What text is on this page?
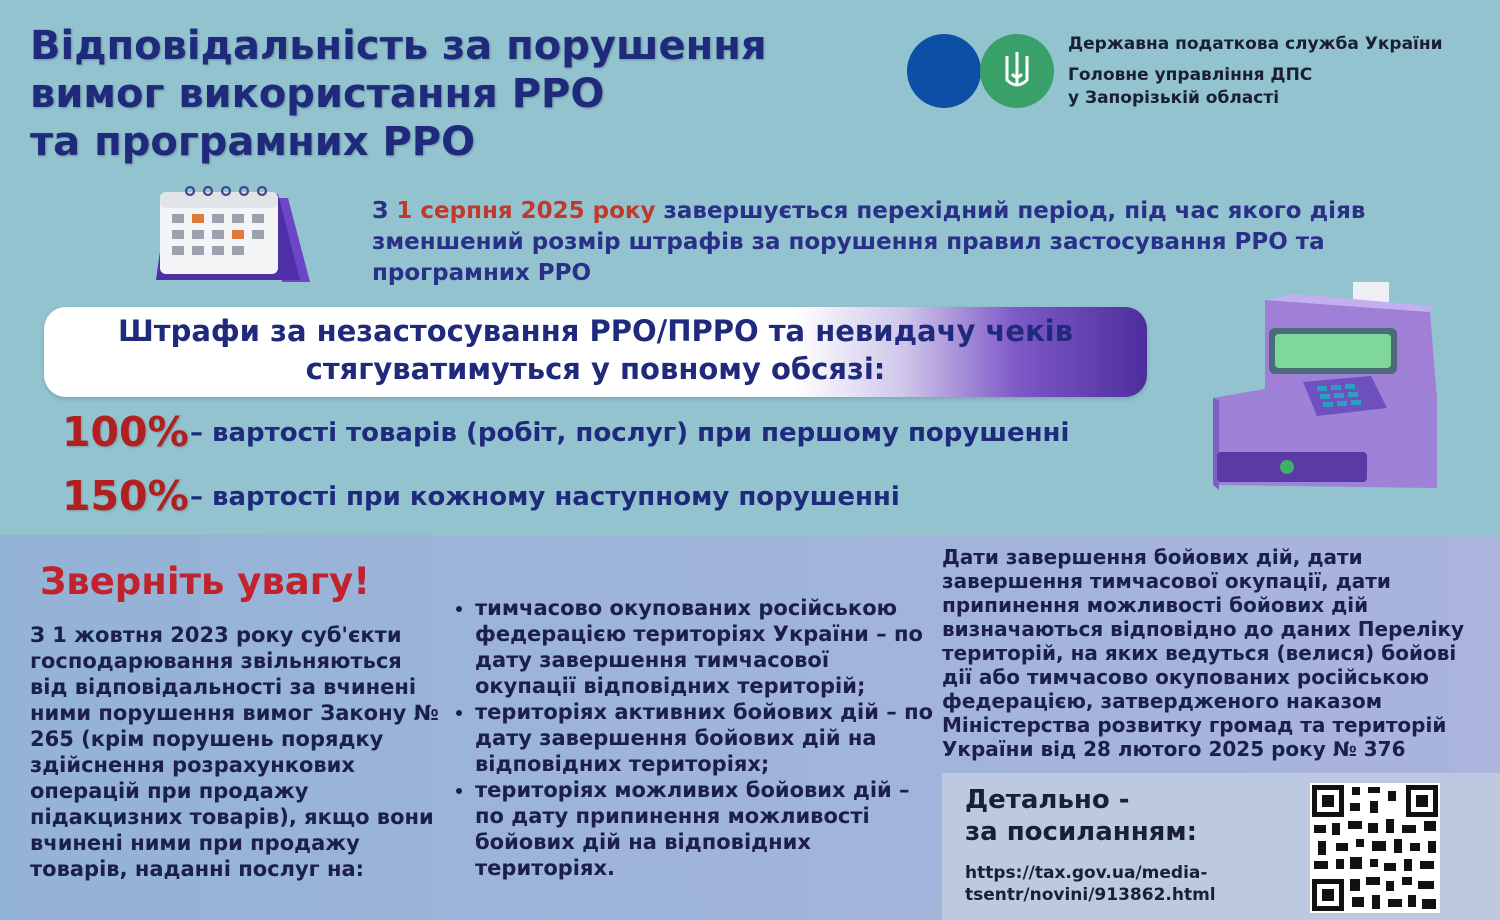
Відповідальність за порушення
вимог використання РРО
та програмних РРО
Державна податкова служба України
Головне управління ДПС
у Запорізькій області
З 1 серпня 2025 року завершується перехідний період, під час якого діяв зменшений розмір штрафів за порушення правил застосування РРО та програмних РРО
Штрафи за незастосування РРО/ПРРО та невидачу чеків
стягуватимуться у повному обсязі:
100% – вартості товарів (робіт, послуг) при першому порушенні
150% – вартості при кожному наступному порушенні
Зверніть увагу!
З 1 жовтня 2023 року суб'єкти господарювання звільняються від відповідальності за вчинені ними порушення вимог Закону № 265 (крім порушень порядку здійснення розрахункових операцій при продажу підакцизних товарів), якщо вони вчинені ними при продажу товарів, наданні послуг на:
• тимчасово окупованих російською федерацією територіях України – по дату завершення тимчасової окупації відповідних територій;
• територіях активних бойових дій – по дату завершення бойових дій на відповідних територіях;
• територіях можливих бойових дій – по дату припинення можливості бойових дій на відповідних територіях.
Дати завершення бойових дій, дати завершення тимчасової окупації, дати припинення можливості бойових дій визначаються відповідно до даних Переліку територій, на яких ведуться (велися) бойові дії або тимчасово окупованих російською федерацією, затвердженого наказом Міністерства розвитку громад та територій України від 28 лютого 2025 року № 376
Детально -
за посиланням:
https://tax.gov.ua/media-
tsentr/novini/913862.html
